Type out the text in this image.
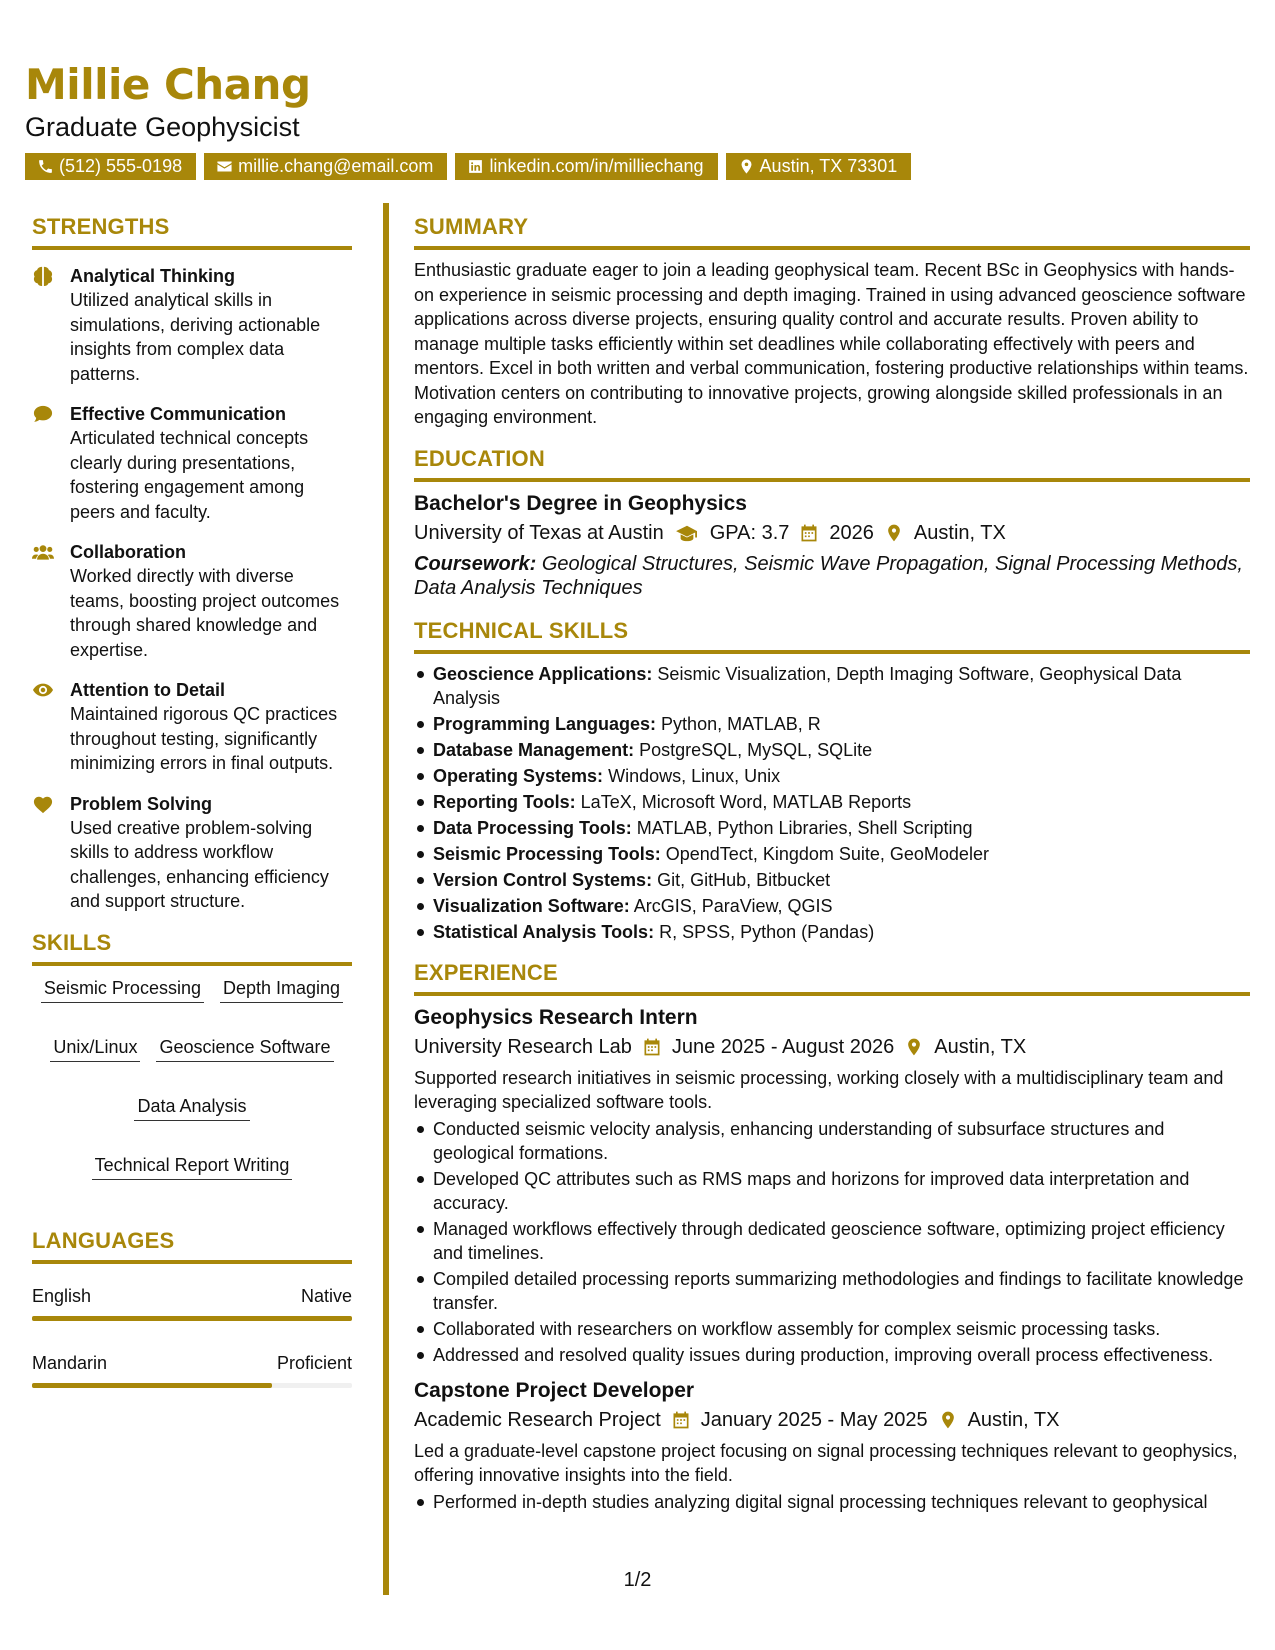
Millie Chang
Graduate Geophysicist
(512) 555-0198	millie.chang@email.com	linkedin.com/in/milliechang	Austin, TX 73301
STRENGTHS
Analytical Thinking
Utilized analytical skills in simulations, deriving actionable insights from complex data patterns.
Effective Communication
Articulated technical concepts clearly during presentations, fostering engagement among peers and faculty.
Collaboration
Worked directly with diverse teams, boosting project outcomes through shared knowledge and expertise.
Attention to Detail
Maintained rigorous QC practices throughout testing, significantly minimizing errors in final outputs.
Problem Solving
Used creative problem-solving skills to address workflow challenges, enhancing efficiency and support structure.
SKILLS
Seismic Processing Depth Imaging
Unix/Linux Geoscience Software
Data Analysis
Technical Report Writing
LANGUAGES
English	Native
Mandarin	Proficient
SUMMARY
Enthusiastic graduate eager to join a leading geophysical team. Recent BSc in Geophysics with hands-on experience in seismic processing and depth imaging. Trained in using advanced geoscience software applications across diverse projects, ensuring quality control and accurate results. Proven ability to manage multiple tasks efficiently within set deadlines while collaborating effectively with peers and mentors. Excel in both written and verbal communication, fostering productive relationships within teams. Motivation centers on contributing to innovative projects, growing alongside skilled professionals in an engaging environment.
EDUCATION
Bachelor's Degree in Geophysics
University of Texas at Austin GPA: 3.7 2026 Austin, TX
Coursework: Geological Structures, Seismic Wave Propagation, Signal Processing Methods, Data Analysis Techniques
TECHNICAL SKILLS
Geoscience Applications: Seismic Visualization, Depth Imaging Software, Geophysical Data Analysis
Programming Languages: Python, MATLAB, R
Database Management: PostgreSQL, MySQL, SQLite
Operating Systems: Windows, Linux, Unix
Reporting Tools: LaTeX, Microsoft Word, MATLAB Reports
Data Processing Tools: MATLAB, Python Libraries, Shell Scripting
Seismic Processing Tools: OpendTect, Kingdom Suite, GeoModeler
Version Control Systems: Git, GitHub, Bitbucket
Visualization Software: ArcGIS, ParaView, QGIS
Statistical Analysis Tools: R, SPSS, Python (Pandas)
EXPERIENCE
Geophysics Research Intern
University Research Lab June 2025 - August 2026 Austin, TX
Supported research initiatives in seismic processing, working closely with a multidisciplinary team and leveraging specialized software tools.
Conducted seismic velocity analysis, enhancing understanding of subsurface structures and geological formations.
Developed QC attributes such as RMS maps and horizons for improved data interpretation and accuracy.
Managed workflows effectively through dedicated geoscience software, optimizing project efficiency and timelines.
Compiled detailed processing reports summarizing methodologies and findings to facilitate knowledge transfer.
Collaborated with researchers on workflow assembly for complex seismic processing tasks.
Addressed and resolved quality issues during production, improving overall process effectiveness.
Capstone Project Developer
Academic Research Project January 2025 - May 2025 Austin, TX
Led a graduate-level capstone project focusing on signal processing techniques relevant to geophysics, offering innovative insights into the field.
Performed in-depth studies analyzing digital signal processing techniques relevant to geophysical
1/2
